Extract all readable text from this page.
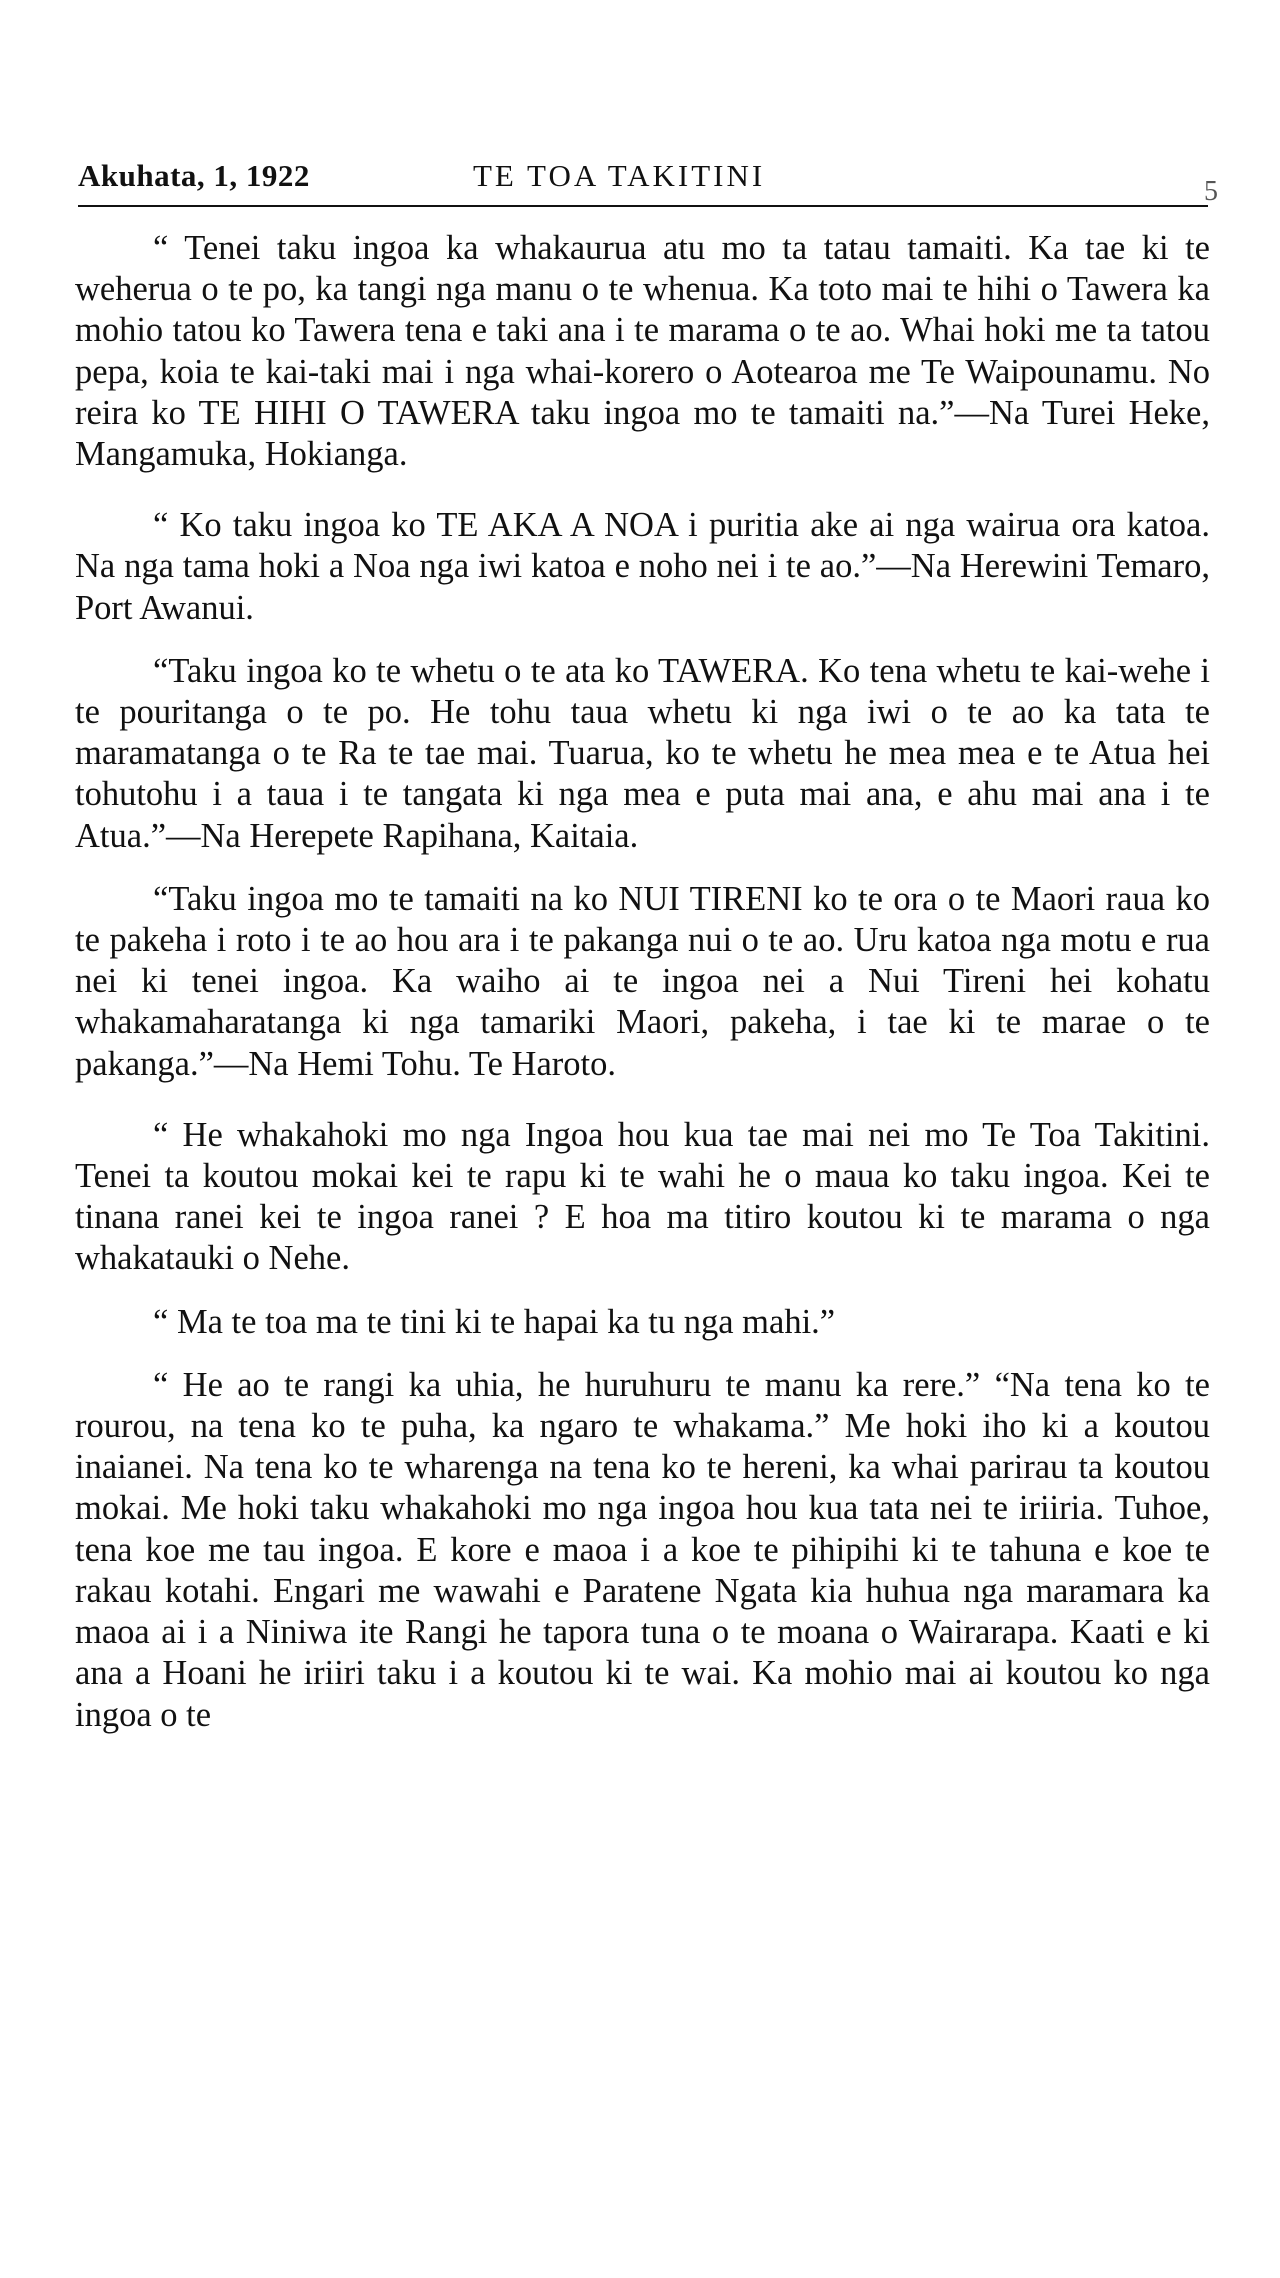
Akuhata, 1, 1922	TE TOA TAKITINI	5

“ Tenei taku ingoa ka whakaurua atu mo ta tatau tamaiti. Ka tae ki te weherua o te po, ka tangi nga manu o te whenua. Ka toto mai te hihi o Tawera ka mohio tatou ko Tawera tena e taki ana i te marama o te ao. Whai hoki me ta tatou pepa, koia te kai-taki mai i nga whai-korero o Aotearoa me Te Waipounamu. No reira ko TE HIHI O TAWERA taku ingoa mo te tamaiti na.”—Na Turei Heke, Mangamuka, Hokianga.

“ Ko taku ingoa ko TE AKA A NOA i puritia ake ai nga wairua ora katoa. Na nga tama hoki a Noa nga iwi katoa e noho nei i te ao.”—Na Herewini Temaro, Port Awanui.

“Taku ingoa ko te whetu o te ata ko TAWERA. Ko tena whetu te kai-wehe i te pouritanga o te po. He tohu taua whetu ki nga iwi o te ao ka tata te maramatanga o te Ra te tae mai. Tuarua, ko te whetu he mea mea e te Atua hei tohutohu i a taua i te tangata ki nga mea e puta mai ana, e ahu mai ana i te Atua.”—Na Herepete Rapihana, Kaitaia.

“Taku ingoa mo te tamaiti na ko NUI TIRENI ko te ora o te Maori raua ko te pakeha i roto i te ao hou ara i te pakanga nui o te ao. Uru katoa nga motu e rua nei ki tenei ingoa. Ka waiho ai te ingoa nei a Nui Tireni hei kohatu whakamaharatanga ki nga tamariki Maori, pakeha, i tae ki te marae o te pakanga.”—Na Hemi Tohu. Te Haroto.

“ He whakahoki mo nga Ingoa hou kua tae mai nei mo Te Toa Takitini. Tenei ta koutou mokai kei te rapu ki te wahi he o maua ko taku ingoa. Kei te tinana ranei kei te ingoa ranei ? E hoa ma titiro koutou ki te marama o nga whakatauki o Nehe.

“ Ma te toa ma te tini ki te hapai ka tu nga mahi.”

“ He ao te rangi ka uhia, he huruhuru te manu ka rere.” “Na tena ko te rourou, na tena ko te puha, ka ngaro te whakama.” Me hoki iho ki a koutou inaianei. Na tena ko te wharenga na tena ko te hereni, ka whai parirau ta koutou mokai. Me hoki taku whakahoki mo nga ingoa hou kua tata nei te iriiria. Tuhoe, tena koe me tau ingoa. E kore e maoa i a koe te pihipihi ki te tahuna e koe te rakau kotahi. Engari me wawahi e Paratene Ngata kia huhua nga maramara ka maoa ai i a Niniwa ite Rangi he tapora tuna o te moana o Wairarapa. Kaati e ki ana a Hoani he iriiri taku i a koutou ki te wai. Ka mohio mai ai koutou ko nga ingoa o te
